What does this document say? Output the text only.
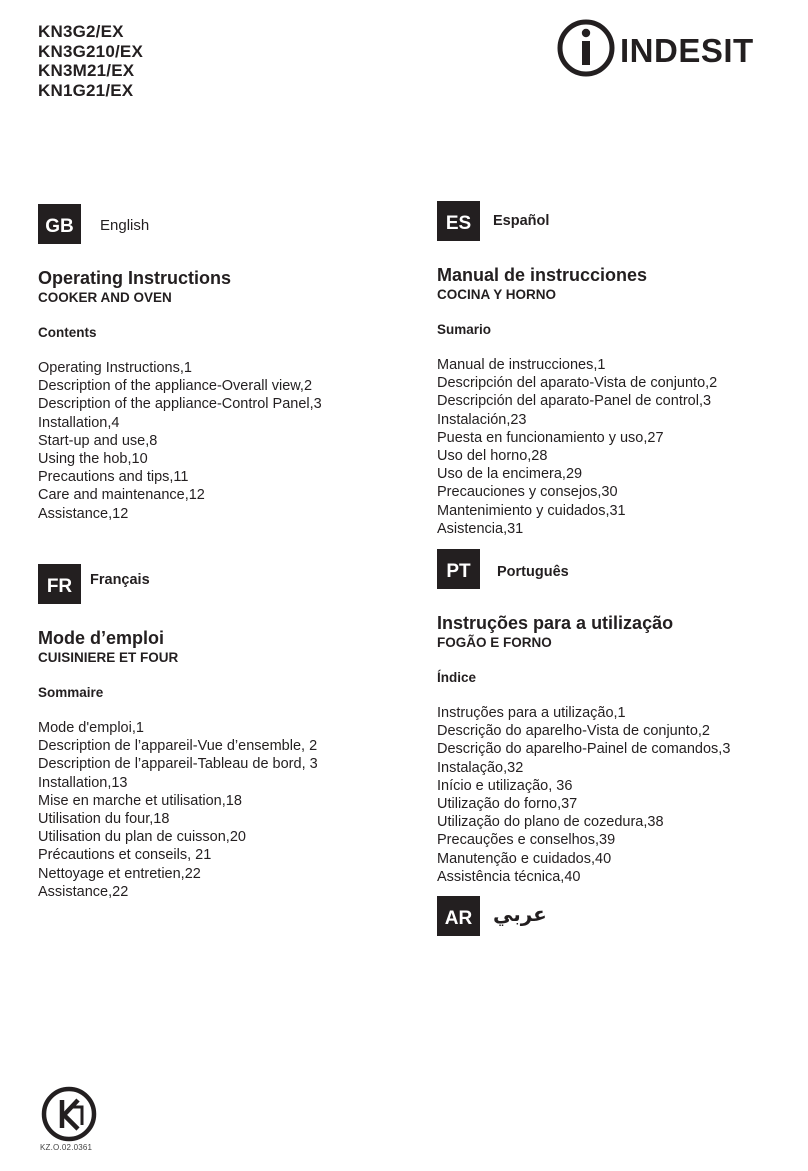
KN3G2/EX
KN3G210/EX
KN3M21/EX
KN1G21/EX
INDESIT
GB	English
Operating Instructions
COOKER AND OVEN
Contents
Operating Instructions,1
Description of the appliance-Overall view,2
Description of the appliance-Control Panel,3
Installation,4
Start-up and use,8
Using the hob,10
Precautions and tips,11
Care and maintenance,12
Assistance,12
FR	Français
Mode d’emploi
CUISINIERE ET FOUR
Sommaire
Mode d'emploi,1
Description de l’appareil-Vue d’ensemble, 2
Description de l’appareil-Tableau de bord, 3
Installation,13
Mise en marche et utilisation,18
Utilisation du four,18
Utilisation du plan de cuisson,20
Précautions et conseils, 21
Nettoyage et entretien,22
Assistance,22
ES	Español
Manual de instrucciones
COCINA Y HORNO
Sumario
Manual de instrucciones,1
Descripción del aparato-Vista de conjunto,2
Descripción del aparato-Panel de control,3
Instalación,23
Puesta en funcionamiento y uso,27
Uso del horno,28
Uso de la encimera,29
Precauciones y consejos,30
Mantenimiento y cuidados,31
Asistencia,31
PT	Português
Instruções para a utilização
FOGÃO E FORNO
Índice
Instruções para a utilização,1
Descrição do aparelho-Vista de conjunto,2
Descrição do aparelho-Painel de comandos,3
Instalação,32
Início e utilização, 36
Utilização do forno,37
Utilização do plano de cozedura,38
Precauções e conselhos,39
Manutenção e cuidados,40
Assistência técnica,40
AR	عربي
KZ.O.02.0361
